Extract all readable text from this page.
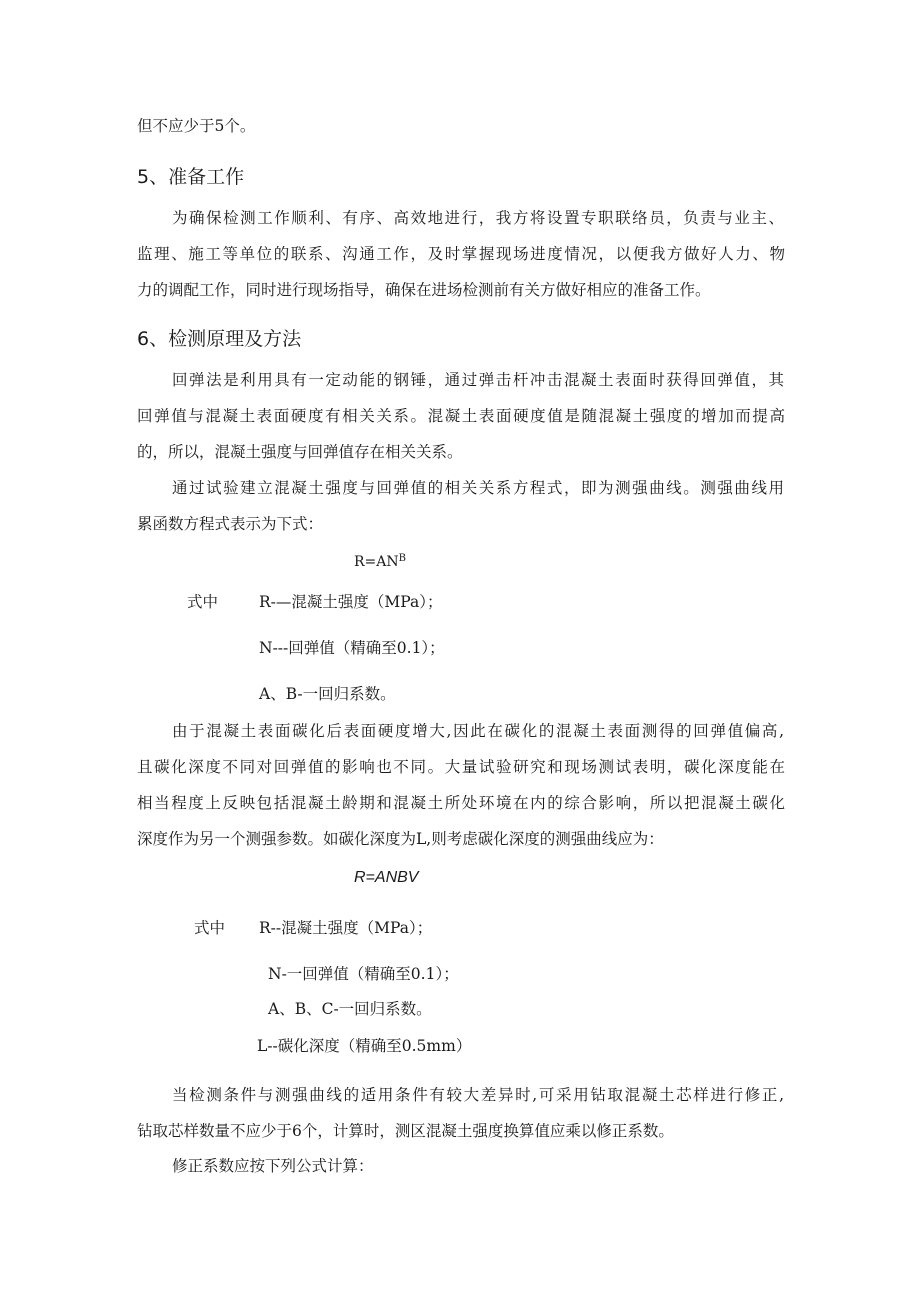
但不应少于5个。
5、准备工作
为确保检测工作顺利、有序、高效地进行，我方将设置专职联络员，负责与业主、
监理、施工等单位的联系、沟通工作，及时掌握现场进度情况，以便我方做好人力、物
力的调配工作，同时进行现场指导，确保在进场检测前有关方做好相应的准备工作。
6、检测原理及方法
回弹法是利用具有一定动能的钢锤，通过弹击杆冲击混凝土表面时获得回弹值，其
回弹值与混凝土表面硬度有相关关系。混凝土表面硬度值是随混凝土强度的增加而提高
的，所以，混凝土强度与回弹值存在相关关系。
通过试验建立混凝土强度与回弹值的相关关系方程式，即为测强曲线。测强曲线用
累函数方程式表示为下式：
$R=AN^B$
式中	R-—混凝土强度（MPa）；
N---回弹值（精确至0.1）；
A、B-一回归系数。
由于混凝土表面碳化后表面硬度增大,因此在碳化的混凝土表面测得的回弹值偏高,
且碳化深度不同对回弹值的影响也不同。大量试验研究和现场测试表明，碳化深度能在
相当程度上反映包括混凝土龄期和混凝土所处环境在内的综合影响，所以把混凝土碳化
深度作为另一个测强参数。如碳化深度为L,则考虑碳化深度的测强曲线应为：
R=ANBV
式中 R--混凝土强度（MPa）；
N-一回弹值（精确至0.1）；
A、B、C-一回归系数。
L--碳化深度（精确至0.5mm）
当检测条件与测强曲线的适用条件有较大差异时,可采用钻取混凝土芯样进行修正,
钻取芯样数量不应少于6个，计算时，测区混凝土强度换算值应乘以修正系数。
修正系数应按下列公式计算：
